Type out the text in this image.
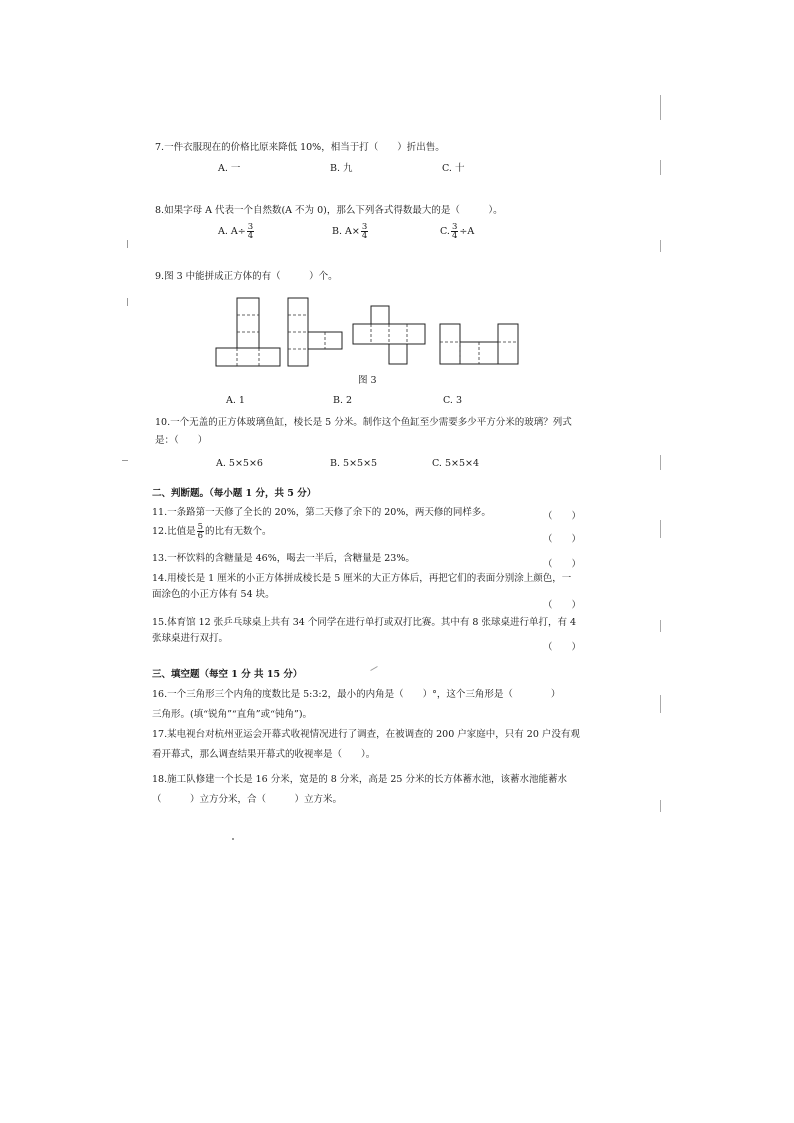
7.一件衣服现在的价格比原来降低 10%，相当于打（　　）折出售。
A. 一	B. 九	C. 十
8.如果字母 A 代表一个自然数(A 不为 0)，那么下列各式得数最大的是（　　　）。
A. $A\div \frac{3}{4}$	B. $A\times \frac{3}{4}$	C. $\frac{3}{4} \div A$
9.图 3 中能拼成正方体的有（　　　）个。
图 3
A. 1	B. 2	C. 3
10.一个无盖的正方体玻璃鱼缸，棱长是 5 分米。制作这个鱼缸至少需要多少平方分米的玻璃？列式
是：（　　）
A. 5×5×6	B. 5×5×5	C. 5×5×4
二、判断题。（每小题 1 分，共 5 分）
11.一条路第一天修了全长的 20%，第二天修了余下的 20%，两天修的同样多。	（　　）
12.比值是 $\frac{5}{6}$ 的比有无数个。
（　　）
13.一杯饮料的含糖量是 46%，喝去一半后，含糖量是 23%。
（　　）
14.用棱长是 1 厘米的小正方体拼成棱长是 5 厘米的大正方体后，再把它们的表面分别涂上颜色，一
面涂色的小正方体有 54 块。
（　　）
15.体育馆 12 张乒乓球桌上共有 34 个同学在进行单打或双打比赛。其中有 8 张球桌进行单打，有 4
张球桌进行双打。
（　　）
三、填空题（每空 1 分 共 15 分）
16.一个三角形三个内角的度数比是 5:3:2，最小的内角是（　　）°，这个三角形是（　　　　）
三角形。(填“锐角”“直角”或“钝角”)。
17.某电视台对杭州亚运会开幕式收视情况进行了调查，在被调查的 200 户家庭中，只有 20 户没有观
看开幕式，那么调查结果开幕式的收视率是（　　）。
18.施工队修建一个长是 16 分米，宽是的 8 分米，高是 25 分米的长方体蓄水池，该蓄水池能蓄水
（　　　）立方分米，合（　　　）立方米。
